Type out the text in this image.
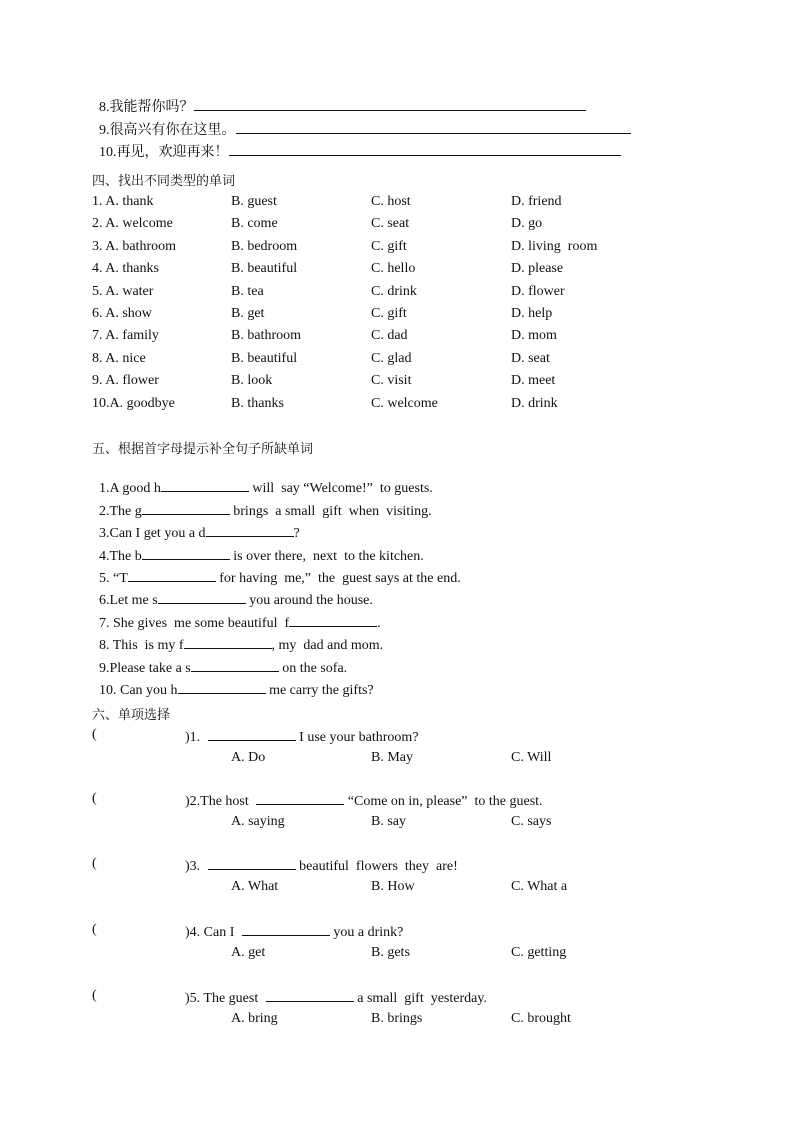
8.我能帮你吗？

9.很高兴有你在这里。

10.再见，欢迎再来！

四、找出不同类型的单词
1. A. thank	B. guest	C. host	D. friend
2. A. welcome	B. come	C. seat	D. go
3. A. bathroom	B. bedroom	C. gift	D. living  room
4. A. thanks	B. beautiful	C. hello	D. please
5. A. water	B. tea	C. drink	D. flower
6. A. show	B. get	C. gift	D. help
7. A. family	B. bathroom	C. dad	D. mom
8. A. nice	B. beautiful	C. glad	D. seat
9. A. flower	B. look	C. visit	D. meet
10.A. goodbye	B. thanks	C. welcome	D. drink
五、根据首字母提示补全句子所缺单词

1.A good h	will  say “Welcome!”  to guests.

2.The g	brings  a small  gift  when  visiting.

3.Can I get you a d	?

4.The b	is over there,  next  to the kitchen.

5. “T	for having  me,”  the  guest says at the end.

6.Let me s	you around the house.

7. She gives  me some beautiful  f	.

8. This  is my f	, my  dad and mom.

9.Please take a s	on the sofa.

10. Can you h	me carry the gifts?

六、单项选择
(	)1.	I use your bathroom?
A. Do	B. May	C. Will
(	)2.The host	“Come on in, please”  to the guest.
A. saying	B. say	C. says
(	)3.	beautiful  flowers  they  are!
A. What	B. How	C. What a
(	)4. Can I	you a drink?
A. get	B. gets	C. getting
(	)5. The guest	a small  gift  yesterday.
A. bring	B. brings	C. brought
